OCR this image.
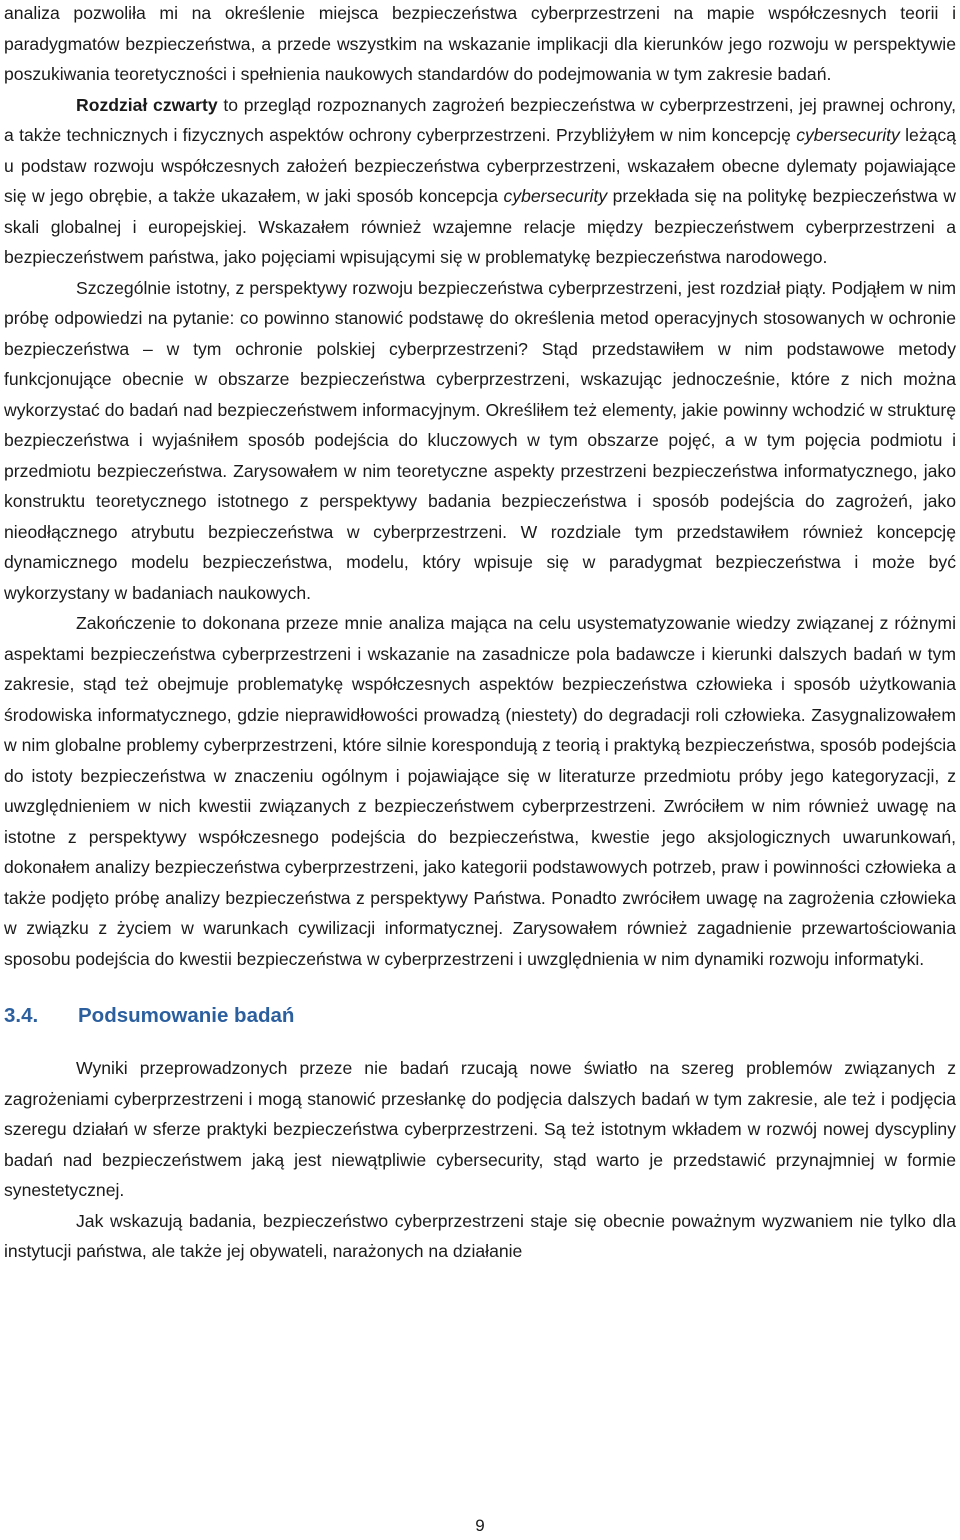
analiza pozwoliła mi na określenie miejsca bezpieczeństwa cyberprzestrzeni na mapie współczesnych teorii i paradygmatów bezpieczeństwa, a przede wszystkim na wskazanie implikacji dla kierunków jego rozwoju w perspektywie poszukiwania teoretyczności i spełnienia naukowych standardów do podejmowania w tym zakresie badań.

Rozdział czwarty to przegląd rozpoznanych zagrożeń bezpieczeństwa w cyberprzestrzeni, jej prawnej ochrony, a także technicznych i fizycznych aspektów ochrony cyberprzestrzeni. Przybliżyłem w nim koncepcję cybersecurity leżącą u podstaw rozwoju współczesnych założeń bezpieczeństwa cyberprzestrzeni, wskazałem obecne dylematy pojawiające się w jego obrębie, a także ukazałem, w jaki sposób koncepcja cybersecurity przekłada się na politykę bezpieczeństwa w skali globalnej i europejskiej. Wskazałem również wzajemne relacje między bezpieczeństwem cyberprzestrzeni a bezpieczeństwem państwa, jako pojęciami wpisującymi się w problematykę bezpieczeństwa narodowego.

Szczególnie istotny, z perspektywy rozwoju bezpieczeństwa cyberprzestrzeni, jest rozdział piąty. Podjąłem w nim próbę odpowiedzi na pytanie: co powinno stanowić podstawę do określenia metod operacyjnych stosowanych w ochronie bezpieczeństwa – w tym ochronie polskiej cyberprzestrzeni? Stąd przedstawiłem w nim podstawowe metody funkcjonujące obecnie w obszarze bezpieczeństwa cyberprzestrzeni, wskazując jednocześnie, które z nich można wykorzystać do badań nad bezpieczeństwem informacyjnym. Określiłem też elementy, jakie powinny wchodzić w strukturę bezpieczeństwa i wyjaśniłem sposób podejścia do kluczowych w tym obszarze pojęć, a w tym pojęcia podmiotu i przedmiotu bezpieczeństwa. Zarysowałem w nim teoretyczne aspekty przestrzeni bezpieczeństwa informatycznego, jako konstruktu teoretycznego istotnego z perspektywy badania bezpieczeństwa i sposób podejścia do zagrożeń, jako nieodłącznego atrybutu bezpieczeństwa w cyberprzestrzeni. W rozdziale tym przedstawiłem również koncepcję dynamicznego modelu bezpieczeństwa, modelu, który wpisuje się w paradygmat bezpieczeństwa i może być wykorzystany w badaniach naukowych.

Zakończenie to dokonana przeze mnie analiza mająca na celu usystematyzowanie wiedzy związanej z różnymi aspektami bezpieczeństwa cyberprzestrzeni i wskazanie na zasadnicze pola badawcze i kierunki dalszych badań w tym zakresie, stąd też obejmuje problematykę współczesnych aspektów bezpieczeństwa człowieka i sposób użytkowania środowiska informatycznego, gdzie nieprawidłowości prowadzą (niestety) do degradacji roli człowieka. Zasygnalizowałem w nim globalne problemy cyberprzestrzeni, które silnie korespondują z teorią i praktyką bezpieczeństwa, sposób podejścia do istoty bezpieczeństwa w znaczeniu ogólnym i pojawiające się w literaturze przedmiotu próby jego kategoryzacji, z uwzględnieniem w nich kwestii związanych z bezpieczeństwem cyberprzestrzeni. Zwróciłem w nim również uwagę na istotne z perspektywy współczesnego podejścia do bezpieczeństwa, kwestie jego aksjologicznych uwarunkowań, dokonałem analizy bezpieczeństwa cyberprzestrzeni, jako kategorii podstawowych potrzeb, praw i powinności człowieka a także podjęto próbę analizy bezpieczeństwa z perspektywy Państwa. Ponadto zwróciłem uwagę na zagrożenia człowieka w związku z życiem w warunkach cywilizacji informatycznej. Zarysowałem również zagadnienie przewartościowania sposobu podejścia do kwestii bezpieczeństwa w cyberprzestrzeni i uwzględnienia w nim dynamiki rozwoju informatyki.

3.4. Podsumowanie badań

Wyniki przeprowadzonych przeze nie badań rzucają nowe światło na szereg problemów związanych z zagrożeniami cyberprzestrzeni i mogą stanowić przesłankę do podjęcia dalszych badań w tym zakresie, ale też i podjęcia szeregu działań w sferze praktyki bezpieczeństwa cyberprzestrzeni. Są też istotnym wkładem w rozwój nowej dyscypliny badań nad bezpieczeństwem jaką jest niewątpliwie cybersecurity, stąd warto je przedstawić przynajmniej w formie synestetycznej.

Jak wskazują badania, bezpieczeństwo cyberprzestrzeni staje się obecnie poważnym wyzwaniem nie tylko dla instytucji państwa, ale także jej obywateli, narażonych na działanie

9
